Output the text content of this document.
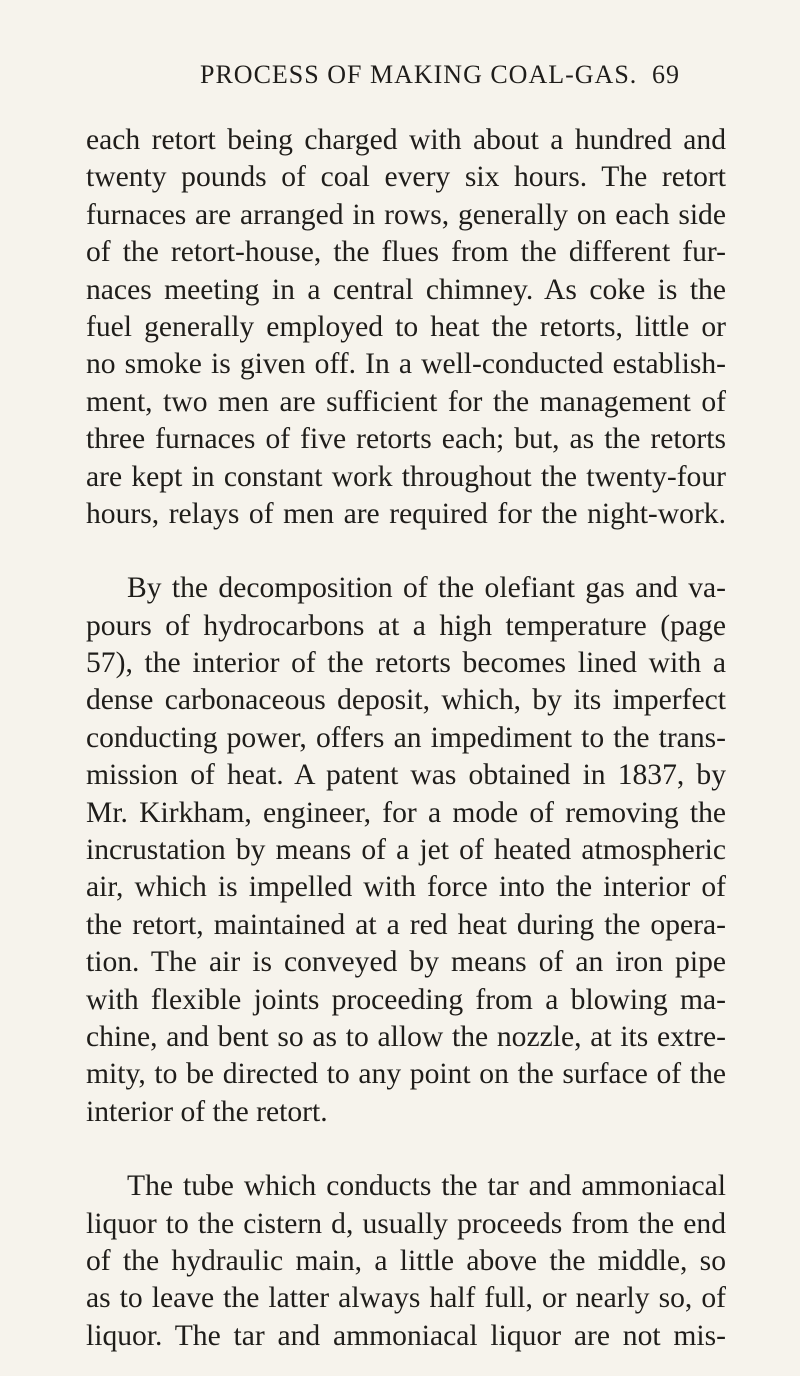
PROCESS OF MAKING COAL-GAS. 69
each retort being charged with about a hundred and
twenty pounds of coal every six hours. The retort
furnaces are arranged in rows, generally on each side
of the retort-house, the flues from the different fur-
naces meeting in a central chimney. As coke is the
fuel generally employed to heat the retorts, little or
no smoke is given off. In a well-conducted establish-
ment, two men are sufficient for the management of
three furnaces of five retorts each; but, as the retorts
are kept in constant work throughout the twenty-four
hours, relays of men are required for the night-work.
By the decomposition of the olefiant gas and va-
pours of hydrocarbons at a high temperature (page
57), the interior of the retorts becomes lined with a
dense carbonaceous deposit, which, by its imperfect
conducting power, offers an impediment to the trans-
mission of heat. A patent was obtained in 1837, by
Mr. Kirkham, engineer, for a mode of removing the
incrustation by means of a jet of heated atmospheric
air, which is impelled with force into the interior of
the retort, maintained at a red heat during the opera-
tion. The air is conveyed by means of an iron pipe
with flexible joints proceeding from a blowing ma-
chine, and bent so as to allow the nozzle, at its extre-
mity, to be directed to any point on the surface of the
interior of the retort.
The tube which conducts the tar and ammoniacal
liquor to the cistern d, usually proceeds from the end
of the hydraulic main, a little above the middle, so
as to leave the latter always half full, or nearly so, of
liquor. The tar and ammoniacal liquor are not mis-
